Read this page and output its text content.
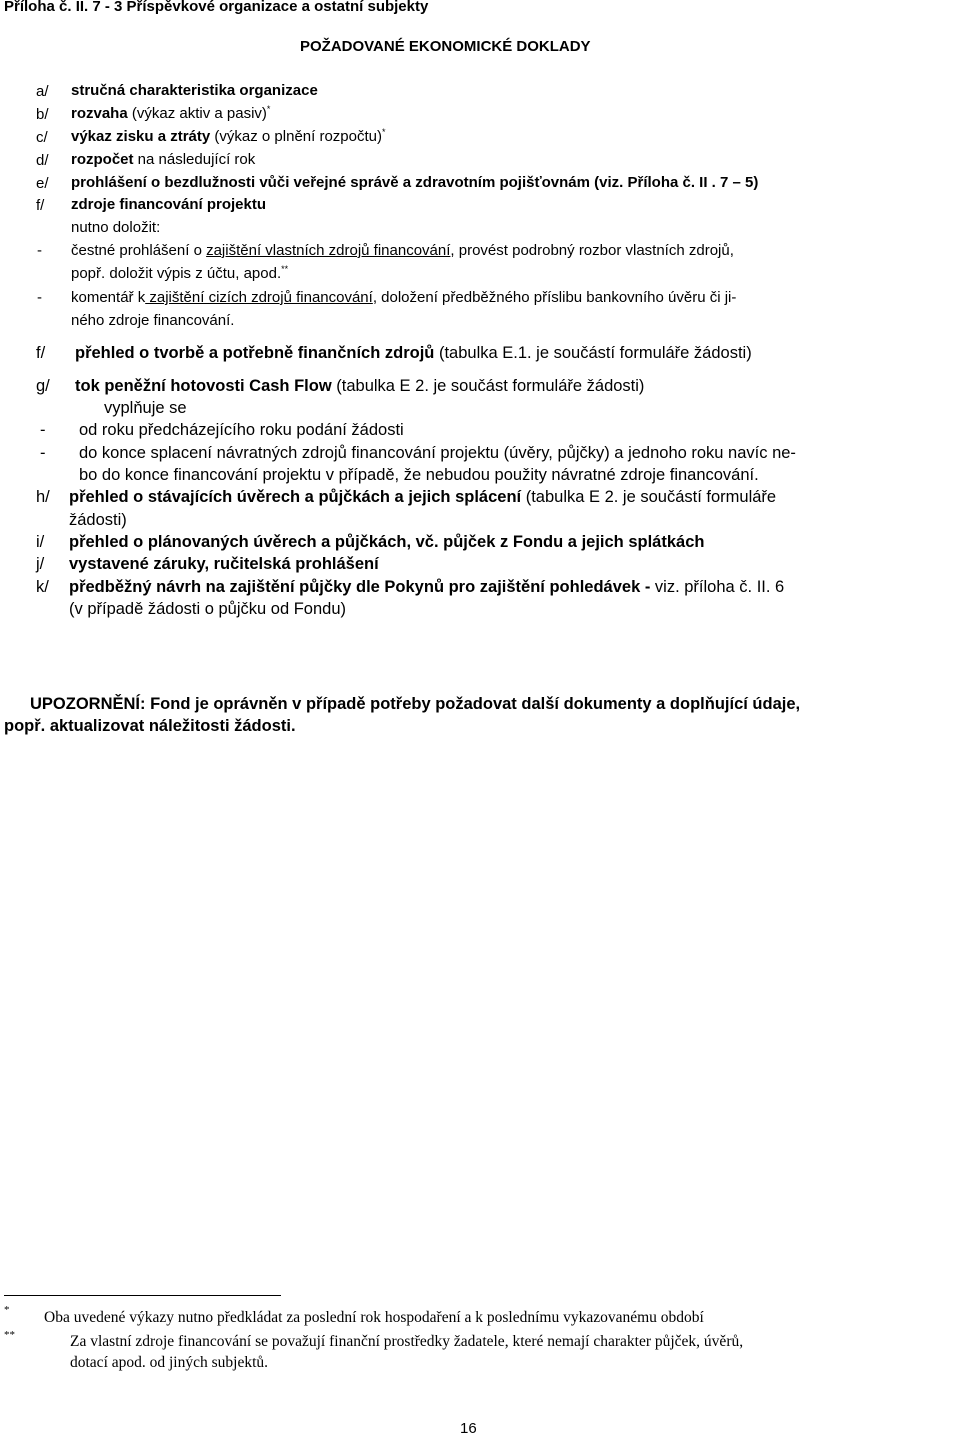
Příloha č. II. 7 - 3 Příspěvkové organizace a ostatní subjekty
POŽADOVANÉ EKONOMICKÉ DOKLADY
a/ stručná charakteristika organizace
b/ rozvaha (výkaz aktiv a pasiv)*
c/ výkaz zisku a ztráty (výkaz o plnění rozpočtu)*
d/ rozpočet na následující rok
e/ prohlášení o bezdlužnosti vůči veřejné správě a zdravotním pojišťovnám (viz. Příloha č. II . 7 – 5)
f/ zdroje financování projektu
nutno doložit:
- čestné prohlášení o zajištění vlastních zdrojů financování, provést podrobný rozbor vlastních zdrojů,
popř. doložit výpis z účtu, apod.**
- komentář k zajištění cizích zdrojů financování, doložení předběžného příslibu bankovního úvěru či ji-
ného zdroje financování.
f/ přehled o tvorbě a potřebně finančních zdrojů (tabulka E.1. je součástí formuláře žádosti)
g/ tok peněžní hotovosti Cash Flow (tabulka E 2. je součást formuláře žádosti)
vyplňuje se
- od roku předcházejícího roku podání žádosti
- do konce splacení návratných zdrojů financování projektu (úvěry, půjčky) a jednoho roku navíc ne-
bo do konce financování projektu v případě, že nebudou použity návratné zdroje financování.
h/ přehled o stávajících úvěrech a půjčkách a jejich splácení (tabulka E 2. je součástí formuláře
žádosti)
i/ přehled o plánovaných úvěrech a půjčkách, vč. půjček z Fondu a jejich splátkách
j/ vystavené záruky, ručitelská prohlášení
k/ předběžný návrh na zajištění půjčky dle Pokynů pro zajištění pohledávek - viz. příloha č. II. 6
(v případě žádosti o půjčku od Fondu)
UPOZORNĚNÍ: Fond je oprávněn v případě potřeby požadovat další dokumenty a doplňující údaje,
popř. aktualizovat náležitosti žádosti.
* Oba uvedené výkazy nutno předkládat za poslední rok hospodaření a k poslednímu vykazovanému období
**	Za vlastní zdroje financování se považují finanční prostředky žadatele, které nemají charakter půjček, úvěrů,
dotací apod. od jiných subjektů.
16
